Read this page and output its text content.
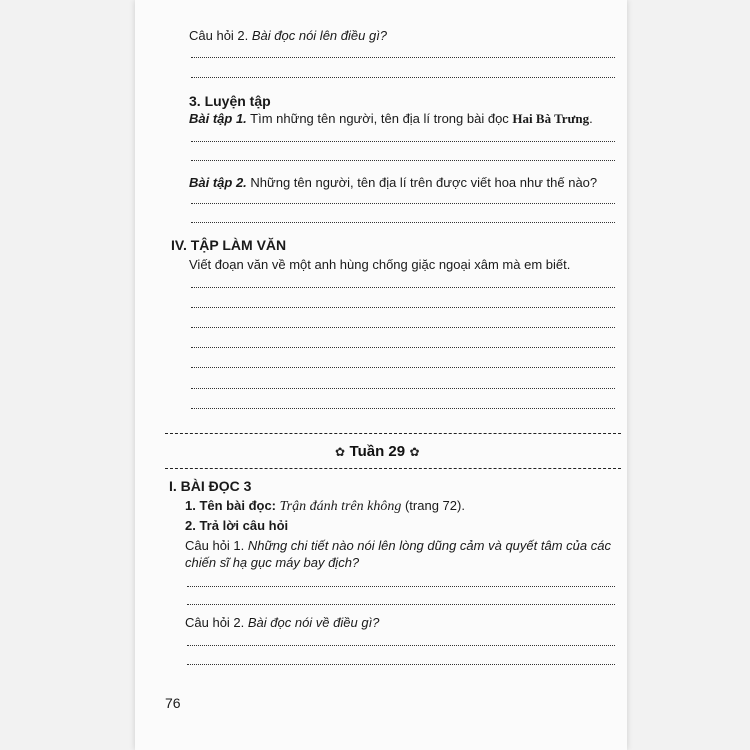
Câu hỏi 2. Bài đọc nói lên điều gì?
3. Luyện tập
Bài tập 1. Tìm những tên người, tên địa lí trong bài đọc Hai Bà Trưng.
Bài tập 2. Những tên người, tên địa lí trên được viết hoa như thế nào?
IV. TẬP LÀM VĂN
Viết đoạn văn về một anh hùng chống giặc ngoại xâm mà em biết.
✿ Tuần 29 ✿
I. BÀI ĐỌC 3
1. Tên bài đọc: Trận đánh trên không (trang 72).
2. Trả lời câu hỏi
Câu hỏi 1. Những chi tiết nào nói lên lòng dũng cảm và quyết tâm của các
chiến sĩ hạ gục máy bay địch?
Câu hỏi 2. Bài đọc nói về điều gì?
76
